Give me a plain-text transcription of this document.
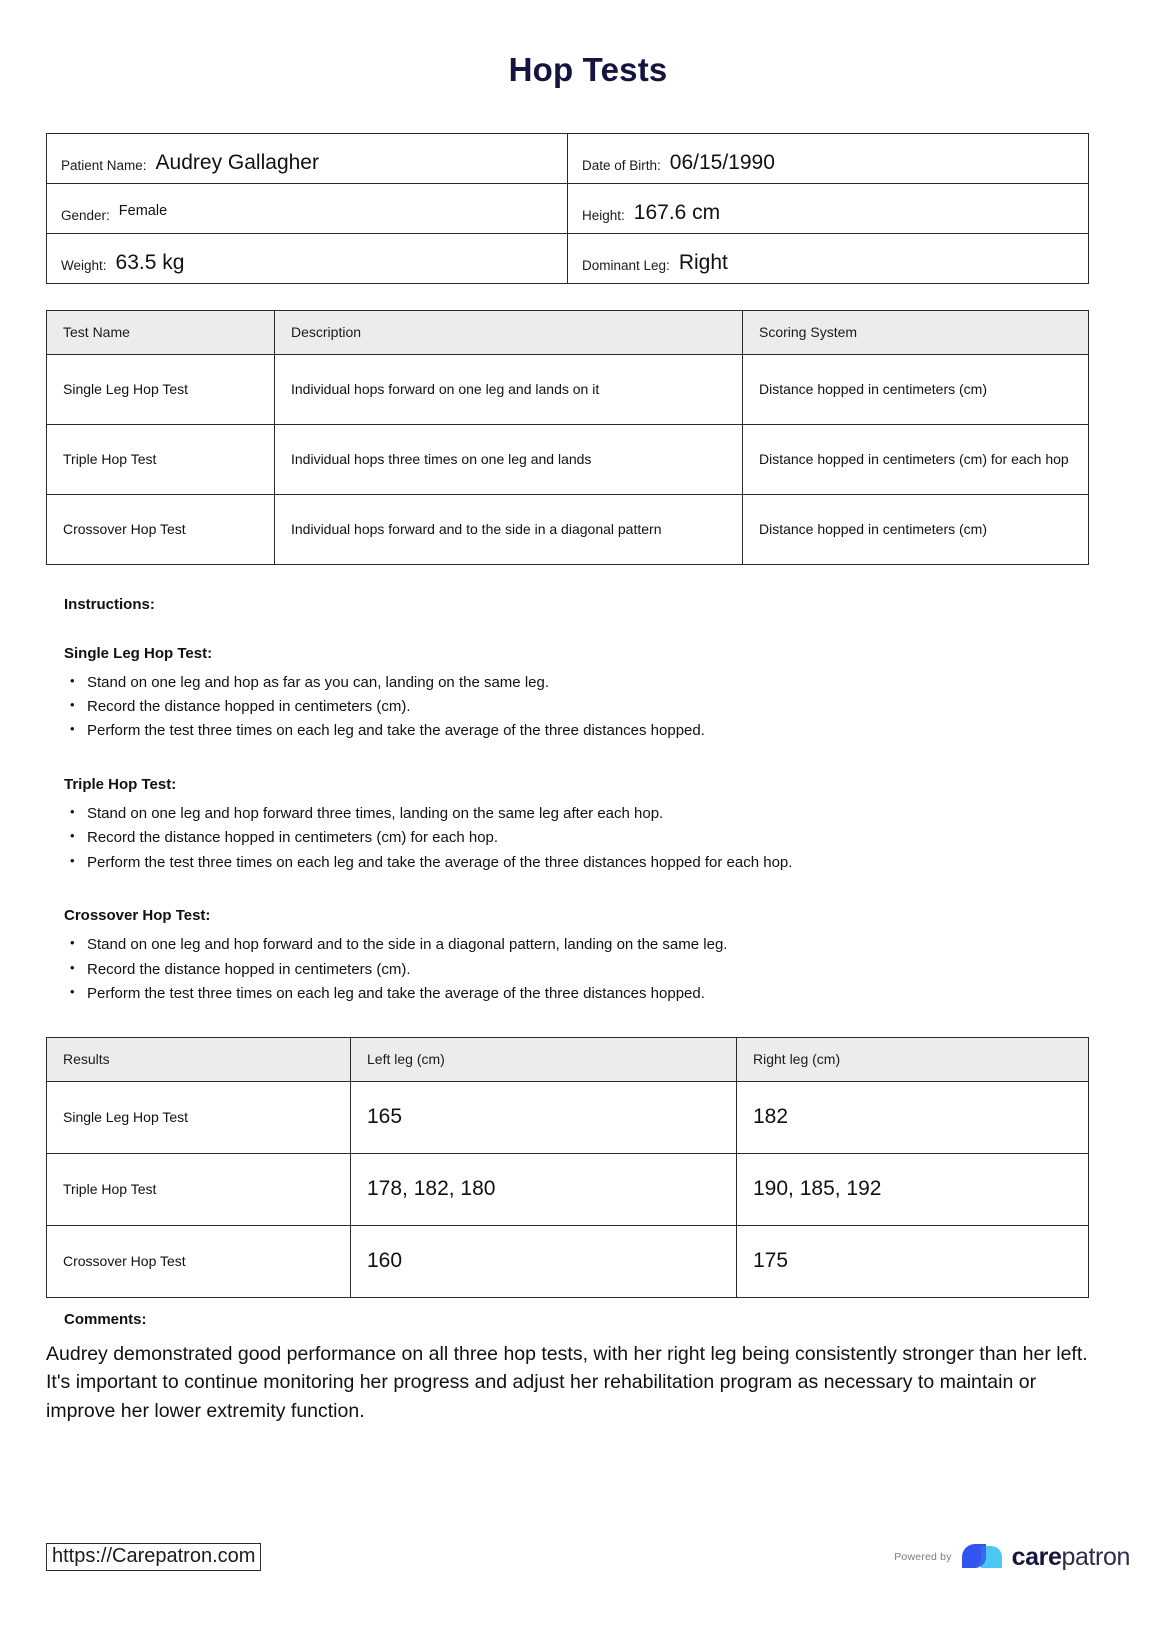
Hop Tests
Patient Name: Audrey Gallagher	Date of Birth: 06/15/1990

Gender: Female	Height: 167.6 cm

Weight: 63.5 kg	Dominant Leg: Right
Test Name	Description	Scoring System
Single Leg Hop Test	Individual hops forward on one leg and lands on it	Distance hopped in centimeters (cm)
Triple Hop Test	Individual hops three times on one leg and lands	Distance hopped in centimeters (cm) for each hop
Crossover Hop Test	Individual hops forward and to the side in a diagonal pattern	Distance hopped in centimeters (cm)
Instructions:
Single Leg Hop Test:
• Stand on one leg and hop as far as you can, landing on the same leg.
• Record the distance hopped in centimeters (cm).
• Perform the test three times on each leg and take the average of the three distances hopped.
Triple Hop Test:
• Stand on one leg and hop forward three times, landing on the same leg after each hop.
• Record the distance hopped in centimeters (cm) for each hop.
• Perform the test three times on each leg and take the average of the three distances hopped for each hop.
Crossover Hop Test:
• Stand on one leg and hop forward and to the side in a diagonal pattern, landing on the same leg.
• Record the distance hopped in centimeters (cm).
• Perform the test three times on each leg and take the average of the three distances hopped.
Results	Left leg (cm)	Right leg (cm)
Single Leg Hop Test	165	182
Triple Hop Test	178, 182, 180	190, 185, 192
Crossover Hop Test	160	175
Comments:
Audrey demonstrated good performance on all three hop tests, with her right leg being consistently stronger than her left. It's important to continue monitoring her progress and adjust her rehabilitation program as necessary to maintain or improve her lower extremity function.
https://Carepatron.com	Powered by carepatron
